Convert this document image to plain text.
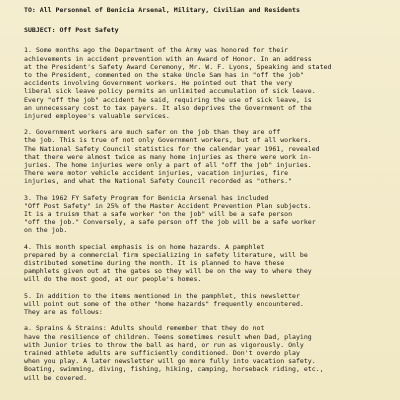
TO: All Personnel of Benicia Arsenal, Military, Civilian and Residents
SUBJECT: Off Post Safety
1. Some months ago the Department of the Army was honored for their
achievements in accident prevention with an Award of Honor. In an address
at the President's Safety Award Ceremony, Mr. W. F. Lyons, Speaking and stated
to the President, commented on the stake Uncle Sam has in "off the job"
accidents involving Government workers. He pointed out that the very
liberal sick leave policy permits an unlimited accumulation of sick leave.
Every "off the job" accident he said, requiring the use of sick leave, is
an unnecessary cost to tax payers. It also deprives the Government of the
injured employee's valuable services.
2. Government workers are much safer on the job than they are off
the job. This is true of not only Government workers, but of all workers.
The National Safety Council statistics for the calendar year 1961, revealed
that there were almost twice as many home injuries as there were work in-
juries. The home injuries were only a part of all "off the job" injuries.
There were motor vehicle accident injuries, vacation injuries, fire
injuries, and what the National Safety Council recorded as "others."
3. The 1962 FY Safety Program for Benicia Arsenal has included
"Off Post Safety" in 25% of the Master Accident Prevention Plan subjects.
It is a truism that a safe worker "on the job" will be a safe person
"off the job." Conversely, a safe person off the job will be a safe worker
on the job.
4. This month special emphasis is on home hazards. A pamphlet
prepared by a commercial firm specializing in safety literature, will be
distributed sometime during the month. It is planned to have these
pamphlets given out at the gates so they will be on the way to where they
will do the most good, at our people's homes.
5. In addition to the items mentioned in the pamphlet, this newsletter
will point out some of the other "home hazards" frequently encountered.
They are as follows:
a. Sprains & Strains: Adults should remember that they do not
have the resilience of children. Teens sometimes result when Dad, playing
with Junior tries to throw the ball as hard, or run as vigorously. Only
trained athlete adults are sufficiently conditioned. Don't overdo play
when you play. A later newsletter will go more fully into vacation safety.
Boating, swimming, diving, fishing, hiking, camping, horseback riding, etc.,
will be covered.
